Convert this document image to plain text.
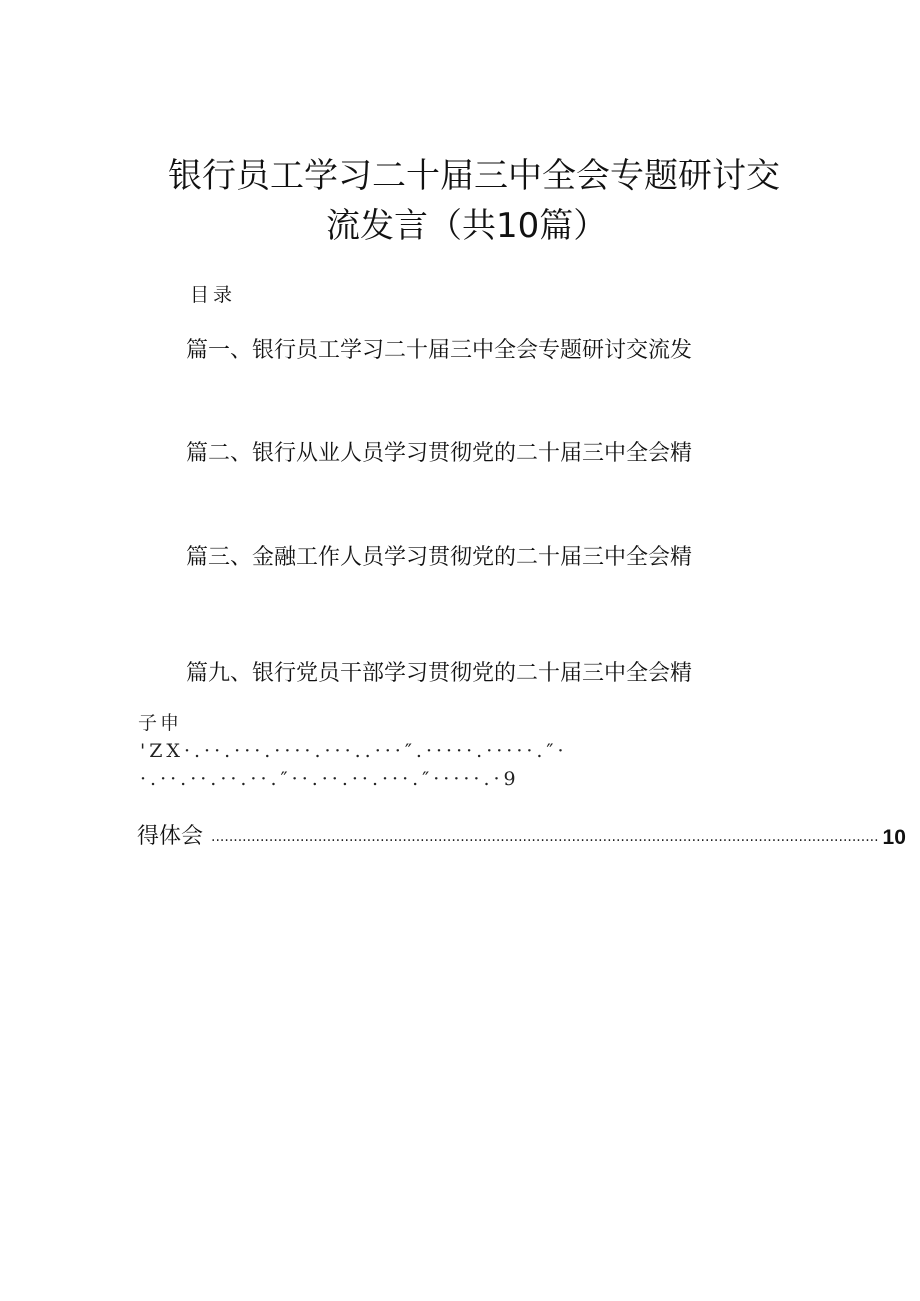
银行员工学习二十届三中全会专题研讨交
流发言（共10篇）
目录
篇一、银行员工学习二十届三中全会专题研讨交流发
篇二、银行从业人员学习贯彻党的二十届三中全会精
篇三、金融工作人员学习贯彻党的二十届三中全会精
篇九、银行党员干部学习贯彻党的二十届三中全会精
子申
'ZX·.··.···.····.···..···″.·····.·····.″·
·.··.··.··.··.″··.··.··.···.″·····.·9
得体会 ...................................................................................................................................................... 10
